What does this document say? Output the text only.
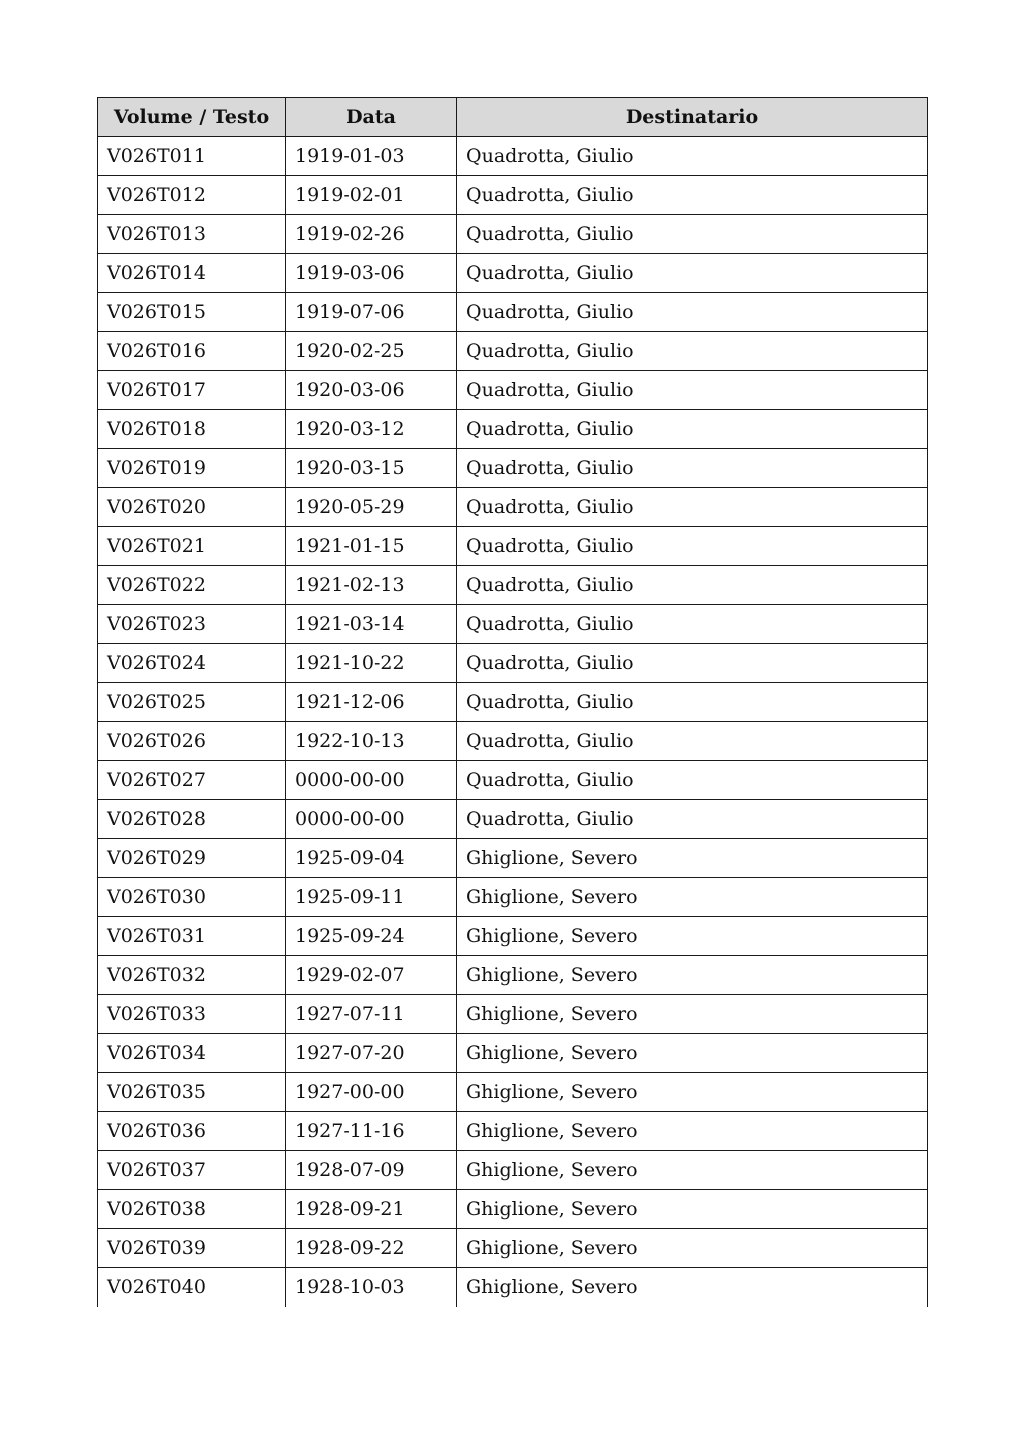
Volume / Testo	Data	Destinatario
V026T011	1919-01-03	Quadrotta, Giulio
V026T012	1919-02-01	Quadrotta, Giulio
V026T013	1919-02-26	Quadrotta, Giulio
V026T014	1919-03-06	Quadrotta, Giulio
V026T015	1919-07-06	Quadrotta, Giulio
V026T016	1920-02-25	Quadrotta, Giulio
V026T017	1920-03-06	Quadrotta, Giulio
V026T018	1920-03-12	Quadrotta, Giulio
V026T019	1920-03-15	Quadrotta, Giulio
V026T020	1920-05-29	Quadrotta, Giulio
V026T021	1921-01-15	Quadrotta, Giulio
V026T022	1921-02-13	Quadrotta, Giulio
V026T023	1921-03-14	Quadrotta, Giulio
V026T024	1921-10-22	Quadrotta, Giulio
V026T025	1921-12-06	Quadrotta, Giulio
V026T026	1922-10-13	Quadrotta, Giulio
V026T027	0000-00-00	Quadrotta, Giulio
V026T028	0000-00-00	Quadrotta, Giulio
V026T029	1925-09-04	Ghiglione, Severo
V026T030	1925-09-11	Ghiglione, Severo
V026T031	1925-09-24	Ghiglione, Severo
V026T032	1929-02-07	Ghiglione, Severo
V026T033	1927-07-11	Ghiglione, Severo
V026T034	1927-07-20	Ghiglione, Severo
V026T035	1927-00-00	Ghiglione, Severo
V026T036	1927-11-16	Ghiglione, Severo
V026T037	1928-07-09	Ghiglione, Severo
V026T038	1928-09-21	Ghiglione, Severo
V026T039	1928-09-22	Ghiglione, Severo
V026T040	1928-10-03	Ghiglione, Severo
